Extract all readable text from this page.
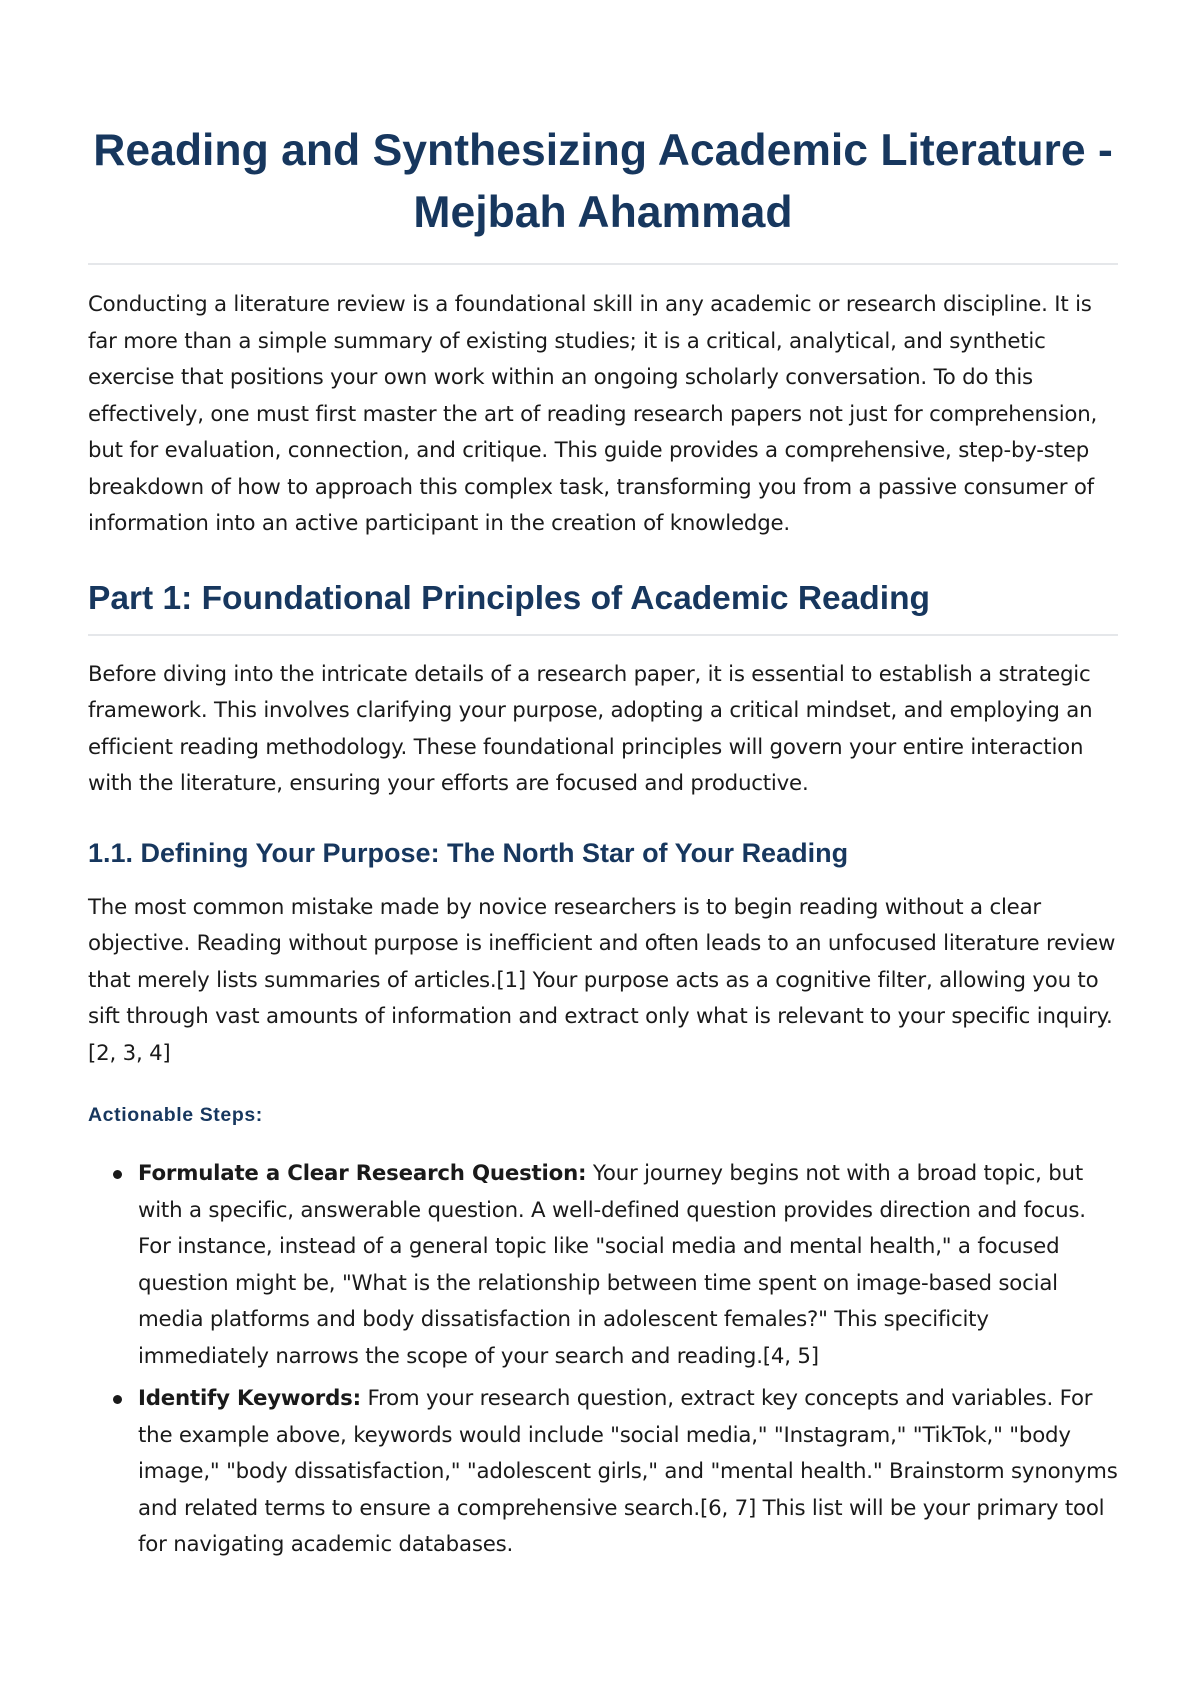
Reading and Synthesizing Academic Literature - Mejbah Ahammad

Conducting a literature review is a foundational skill in any academic or research discipline. It is far more than a simple summary of existing studies; it is a critical, analytical, and synthetic exercise that positions your own work within an ongoing scholarly conversation. To do this effectively, one must first master the art of reading research papers not just for comprehension, but for evaluation, connection, and critique. This guide provides a comprehensive, step-by-step breakdown of how to approach this complex task, transforming you from a passive consumer of information into an active participant in the creation of knowledge.

Part 1: Foundational Principles of Academic Reading

Before diving into the intricate details of a research paper, it is essential to establish a strategic framework. This involves clarifying your purpose, adopting a critical mindset, and employing an efficient reading methodology. These foundational principles will govern your entire interaction with the literature, ensuring your efforts are focused and productive.

1.1. Defining Your Purpose: The North Star of Your Reading

The most common mistake made by novice researchers is to begin reading without a clear objective. Reading without purpose is inefficient and often leads to an unfocused literature review that merely lists summaries of articles.[1] Your purpose acts as a cognitive filter, allowing you to sift through vast amounts of information and extract only what is relevant to your specific inquiry.[2, 3, 4]

Actionable Steps:
Formulate a Clear Research Question: Your journey begins not with a broad topic, but with a specific, answerable question. A well-defined question provides direction and focus. For instance, instead of a general topic like "social media and mental health," a focused question might be, "What is the relationship between time spent on image-based social media platforms and body dissatisfaction in adolescent females?" This specificity immediately narrows the scope of your search and reading.[4, 5]
Identify Keywords: From your research question, extract key concepts and variables. For the example above, keywords would include "social media," "Instagram," "TikTok," "body image," "body dissatisfaction," "adolescent girls," and "mental health." Brainstorm synonyms and related terms to ensure a comprehensive search.[6, 7] This list will be your primary tool for navigating academic databases.
